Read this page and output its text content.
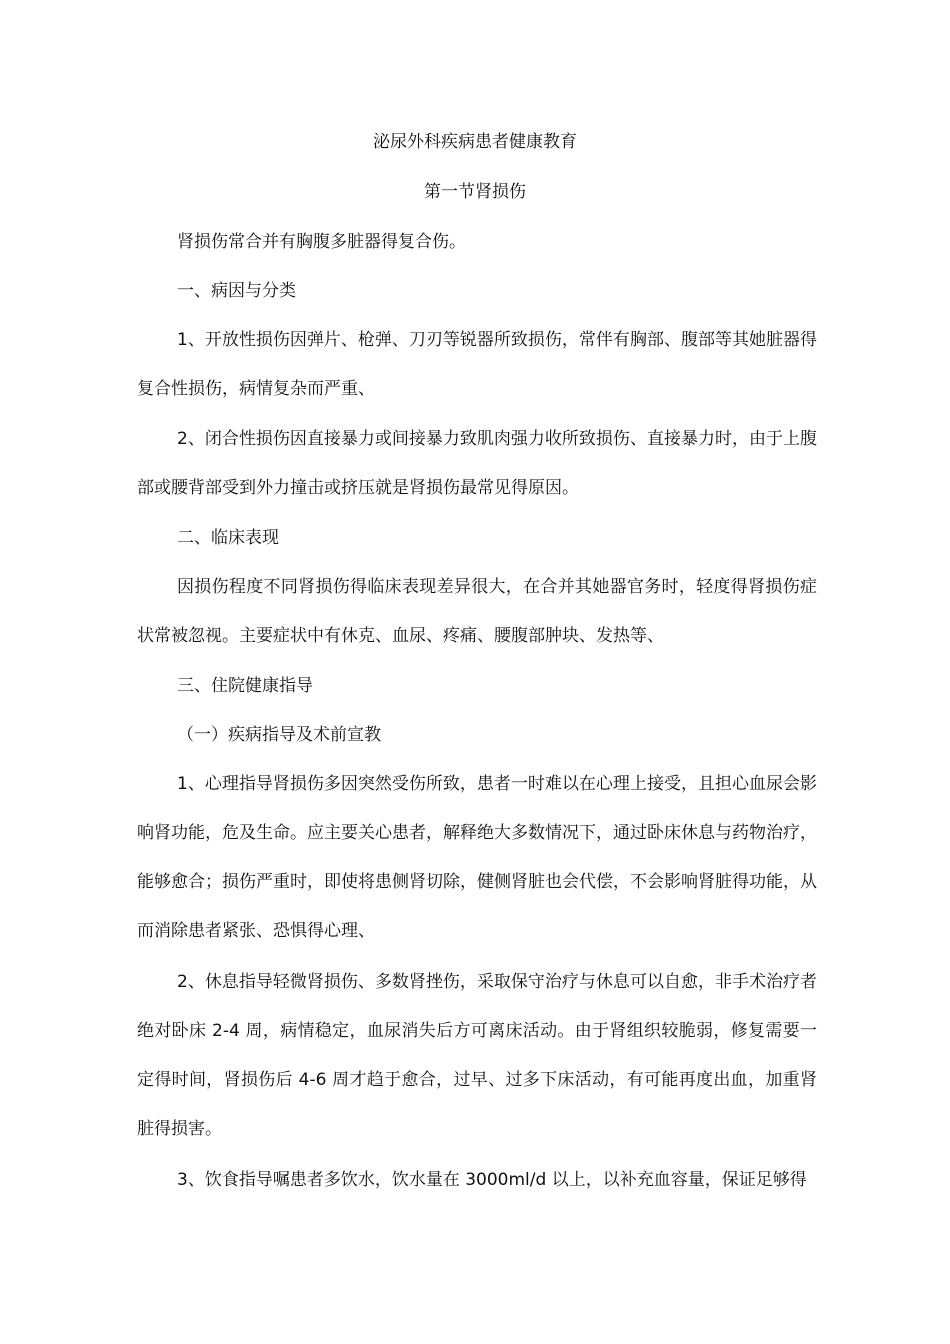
泌尿外科疾病患者健康教育
第一节肾损伤

肾损伤常合并有胸腹多脏器得复合伤。

一、病因与分类

1、开放性损伤因弹片、枪弹、刀刃等锐器所致损伤，常伴有胸部、腹部等其她脏器得复合性损伤，病情复杂而严重、

2、闭合性损伤因直接暴力或间接暴力致肌肉强力收所致损伤、直接暴力时，由于上腹部或腰背部受到外力撞击或挤压就是肾损伤最常见得原因。

二、临床表现

因损伤程度不同肾损伤得临床表现差异很大，在合并其她器官务时，轻度得肾损伤症状常被忽视。主要症状中有休克、血尿、疼痛、腰腹部肿块、发热等、

三、住院健康指导

（一）疾病指导及术前宣教

1、心理指导肾损伤多因突然受伤所致，患者一时难以在心理上接受，且担心血尿会影响肾功能，危及生命。应主要关心患者，解释绝大多数情况下，通过卧床休息与药物治疗，能够愈合；损伤严重时，即使将患侧肾切除，健侧肾脏也会代偿，不会影响肾脏得功能，从而消除患者紧张、恐惧得心理、

2、休息指导轻微肾损伤、多数肾挫伤，采取保守治疗与休息可以自愈，非手术治疗者绝对卧床 2-4 周，病情稳定，血尿消失后方可离床活动。由于肾组织较脆弱，修复需要一定得时间，肾损伤后 4-6 周才趋于愈合，过早、过多下床活动，有可能再度出血，加重肾脏得损害。

3、饮食指导嘱患者多饮水，饮水量在 3000ml/d 以上，以补充血容量，保证足够得
